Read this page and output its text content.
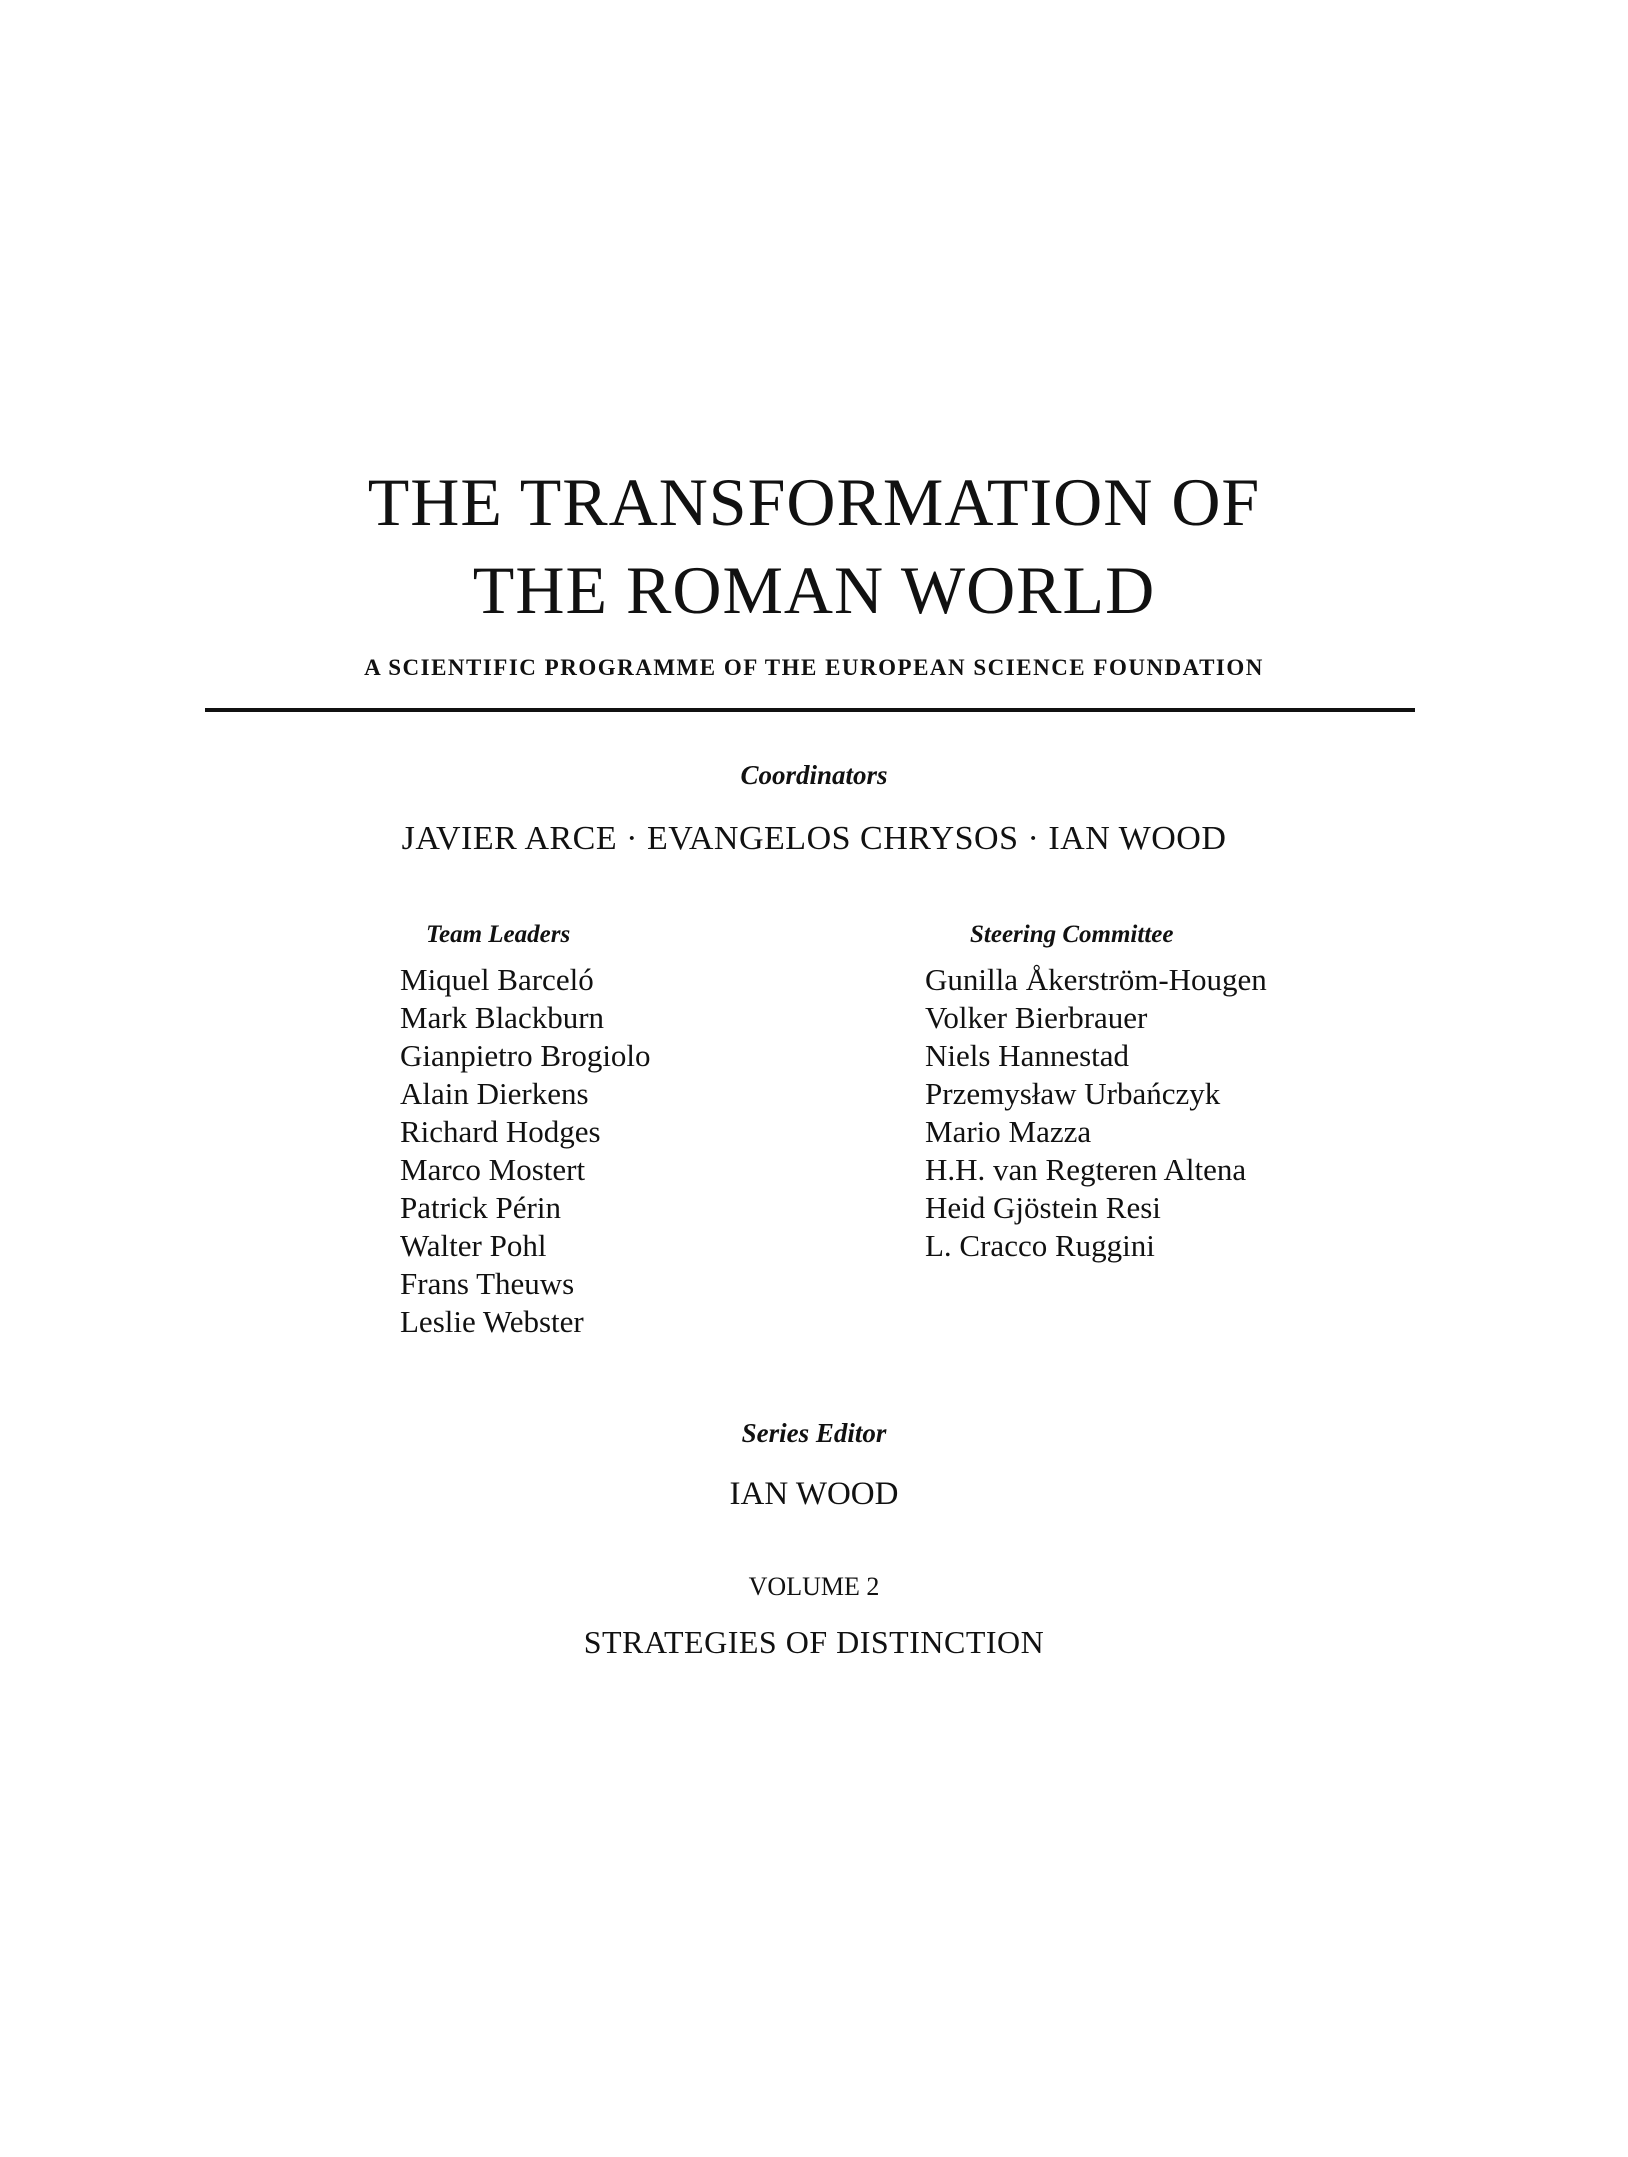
THE TRANSFORMATION OF
THE ROMAN WORLD
A SCIENTIFIC PROGRAMME OF THE EUROPEAN SCIENCE FOUNDATION
Coordinators
JAVIER ARCE · EVANGELOS CHRYSOS · IAN WOOD
Team Leaders
Miquel Barceló
Mark Blackburn
Gianpietro Brogiolo
Alain Dierkens
Richard Hodges
Marco Mostert
Patrick Périn
Walter Pohl
Frans Theuws
Leslie Webster
Steering Committee
Gunilla Åkerström-Hougen
Volker Bierbrauer
Niels Hannestad
Przemysław Urbańczyk
Mario Mazza
H.H. van Regteren Altena
Heid Gjöstein Resi
L. Cracco Ruggini
Series Editor
IAN WOOD
VOLUME 2
STRATEGIES OF DISTINCTION
